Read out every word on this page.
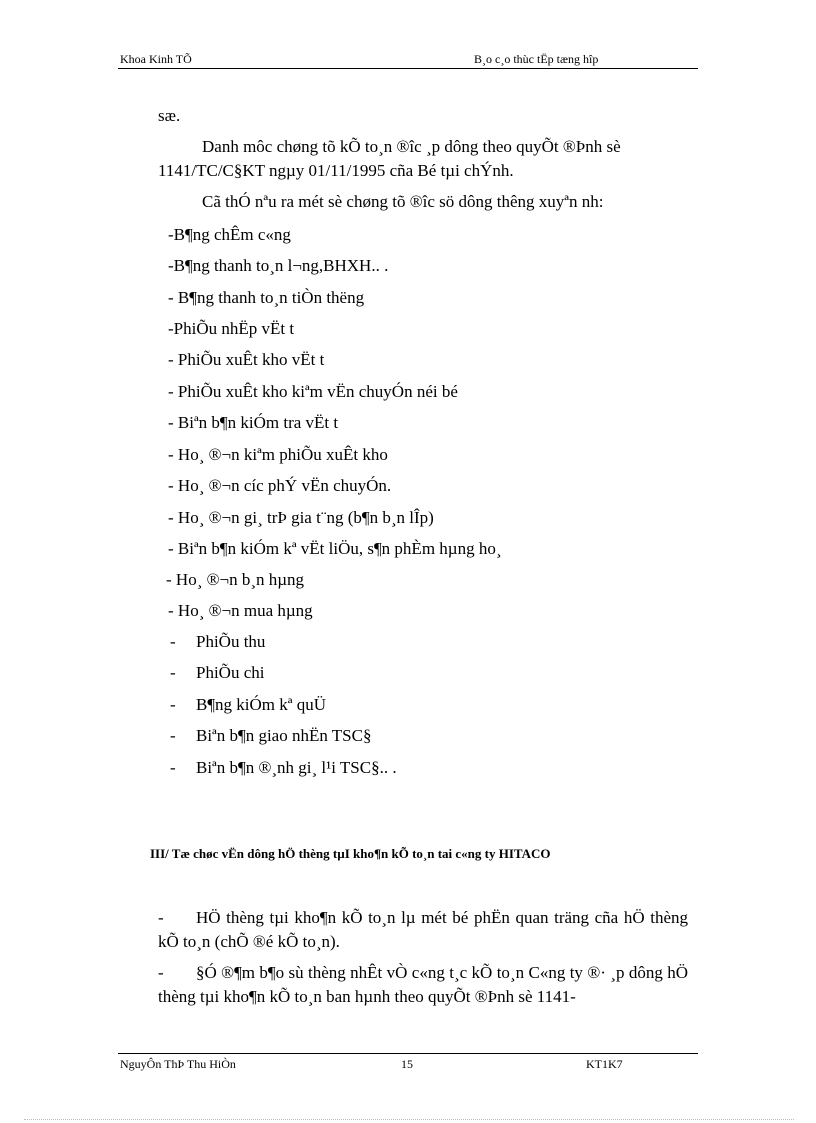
Khoa Kinh TÕ	B¸o c¸o thùc tËp tæng hîp
sæ.
Danh môc chøng tõ kÕ to¸n ®îc ¸p dông theo quyÕt ®Þnh sè
1141/TC/C§KT ngµy 01/11/1995 cña Bé tµi chÝnh.
Cã thÓ nªu ra mét sè chøng tõ ®îc sö dông thêng xuyªn nh:
-B¶ng chÊm c«ng
-B¶ng thanh to¸n l¬ng,BHXH.. .
- B¶ng thanh to¸n tiÒn thëng
-PhiÕu nhËp vËt t
- PhiÕu xuÊt kho vËt t
- PhiÕu xuÊt kho kiªm vËn chuyÓn néi bé
- Biªn b¶n kiÓm tra vËt t
- Ho¸ ®¬n kiªm phiÕu xuÊt kho
- Ho¸ ®¬n cíc phÝ vËn chuyÓn.
- Ho¸ ®¬n gi¸ trÞ gia t¨ng (b¶n b¸n lÎp)
- Biªn b¶n kiÓm kª vËt liÖu, s¶n phÈm hµng ho¸
- Ho¸ ®¬n b¸n hµng
- Ho¸ ®¬n mua hµng
- PhiÕu thu
- PhiÕu chi
- B¶ng kiÓm kª quÜ
- Biªn b¶n giao nhËn TSC§
- Biªn b¶n ®¸nh gi¸ l¹i TSC§.. .
III/ Tæ chøc vËn dông hÖ thèng tµI kho¶n kÕ to¸n tai c«ng ty HITACO
-	HÖ thèng tµi kho¶n kÕ to¸n lµ mét bé phËn quan träng cña hÖ thèng kÕ to¸n (chÕ ®é kÕ to¸n).
-	§Ó ®¶m b¶o sù thèng nhÊt vÒ c«ng t¸c kÕ to¸n C«ng ty ®· ¸p dông hÖ thèng tµi kho¶n kÕ to¸n ban hµnh theo quyÕt ®Þnh sè 1141-
NguyÔn ThÞ Thu HiÒn	15	KT1K7
